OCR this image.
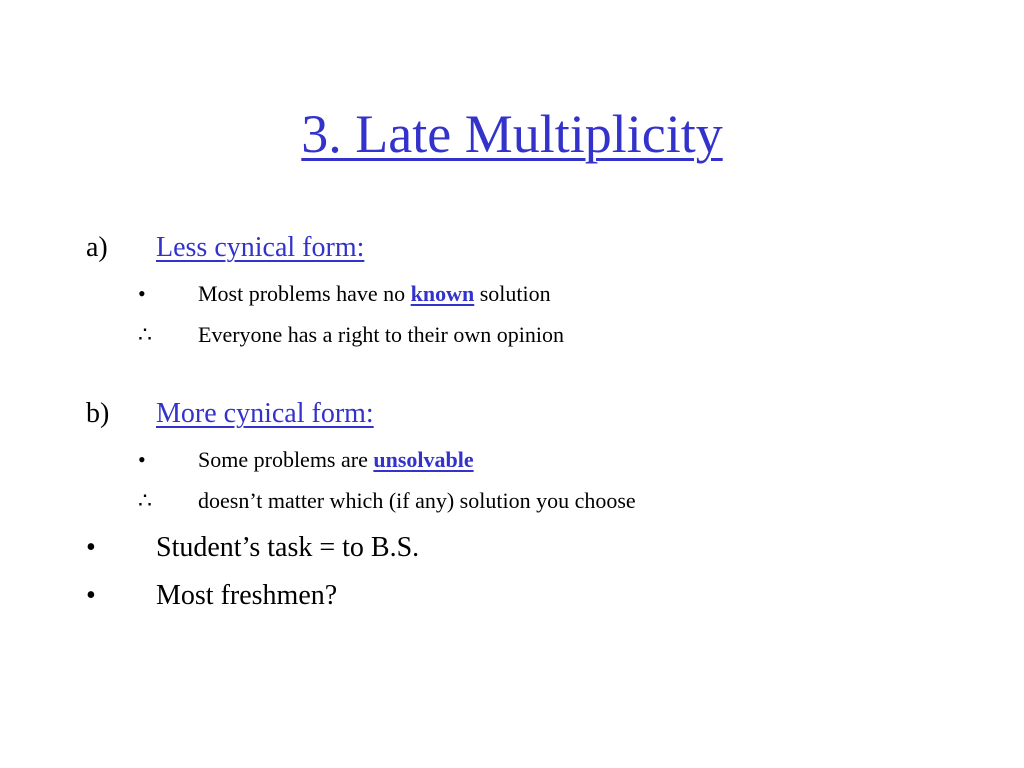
3. Late Multiplicity
a) Less cynical form:
• Most problems have no known solution
∴ Everyone has a right to their own opinion
b) More cynical form:
• Some problems are unsolvable
∴ doesn’t matter which (if any) solution you choose
• Student’s task = to B.S.
• Most freshmen?
